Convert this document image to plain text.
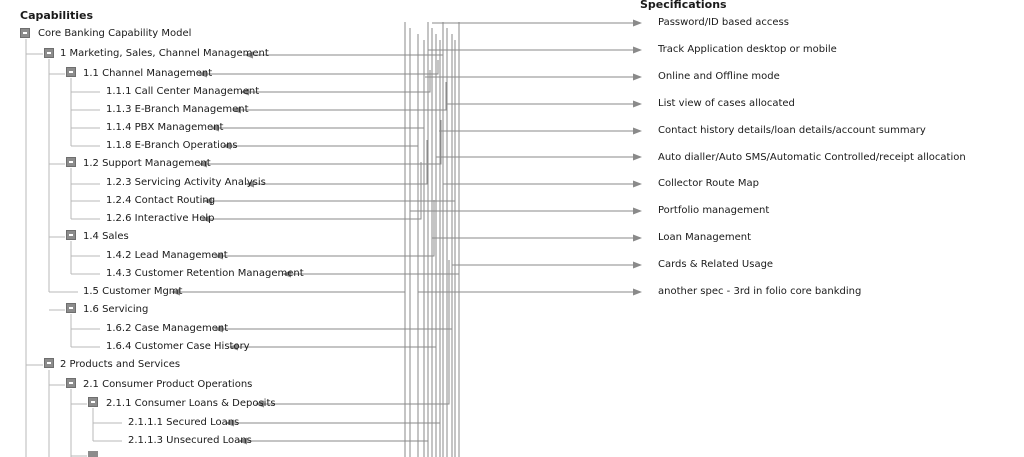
Capabilities
Core Banking Capability Model
1 Marketing, Sales, Channel Management
1.1 Channel Management
1.1.1 Call Center Management
1.1.3 E-Branch Management
1.1.4 PBX Management
1.1.8 E-Branch Operations
1.2 Support Management
1.2.3 Servicing Activity Analysis
1.2.4 Contact Routing
1.2.6 Interactive Help
1.4 Sales
1.4.2 Lead Management
1.4.3 Customer Retention Management
1.5 Customer Mgmt
1.6 Servicing
1.6.2 Case Management
1.6.4 Customer Case History
2 Products and Services
2.1 Consumer Product Operations
2.1.1 Consumer Loans & Deposits
2.1.1.1 Secured Loans
2.1.1.3 Unsecured Loans
Specifications
Password/ID based access
Track Application desktop or mobile
Online and Offline mode
List view of cases allocated
Contact history details/loan details/account summary
Auto dialler/Auto SMS/Automatic Controlled/receipt allocation
Collector Route Map
Portfolio management
Loan Management
Cards & Related Usage
another spec - 3rd in folio core bankding
